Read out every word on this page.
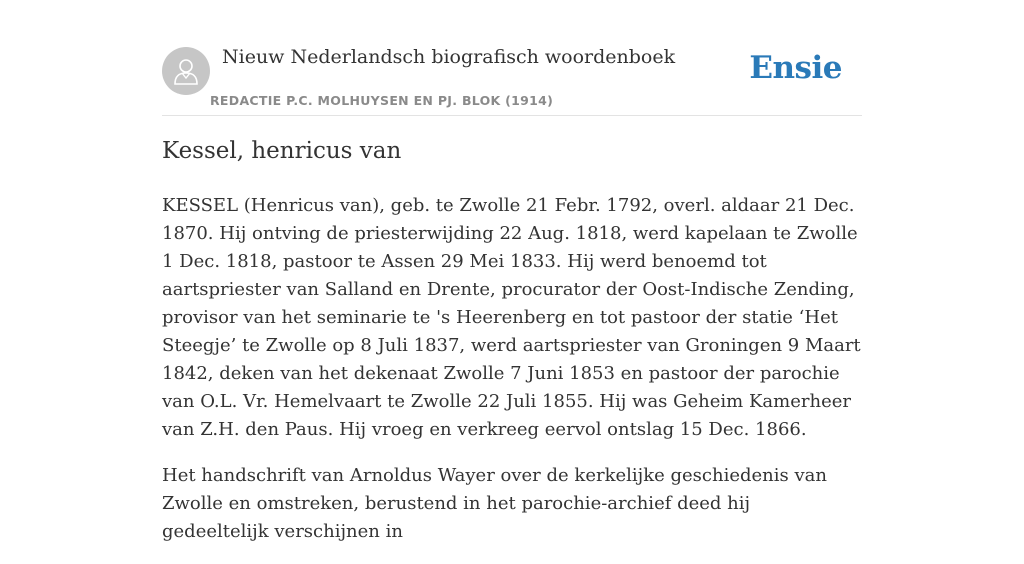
Nieuw Nederlandsch biografisch woordenboek
REDACTIE P.C. MOLHUYSEN EN PJ. BLOK (1914)
Ensie
Kessel, henricus van

KESSEL (Henricus van), geb. te Zwolle 21 Febr. 1792, overl. aldaar 21 Dec. 1870. Hij ontving de priesterwijding 22 Aug. 1818, werd kapelaan te Zwolle 1 Dec. 1818, pastoor te Assen 29 Mei 1833. Hij werd benoemd tot aartspriester van Salland en Drente, procurator der Oost-Indische Zending, provisor van het seminarie te 's Heerenberg en tot pastoor der statie ‘Het Steegje’ te Zwolle op 8 Juli 1837, werd aartspriester van Groningen 9 Maart 1842, deken van het dekenaat Zwolle 7 Juni 1853 en pastoor der parochie van O.L. Vr. Hemelvaart te Zwolle 22 Juli 1855. Hij was Geheim Kamerheer van Z.H. den Paus. Hij vroeg en verkreeg eervol ontslag 15 Dec. 1866.

Het handschrift van Arnoldus Wayer over de kerkelijke geschiedenis van Zwolle en omstreken, berustend in het parochie-archief deed hij gedeeltelijk verschijnen in
